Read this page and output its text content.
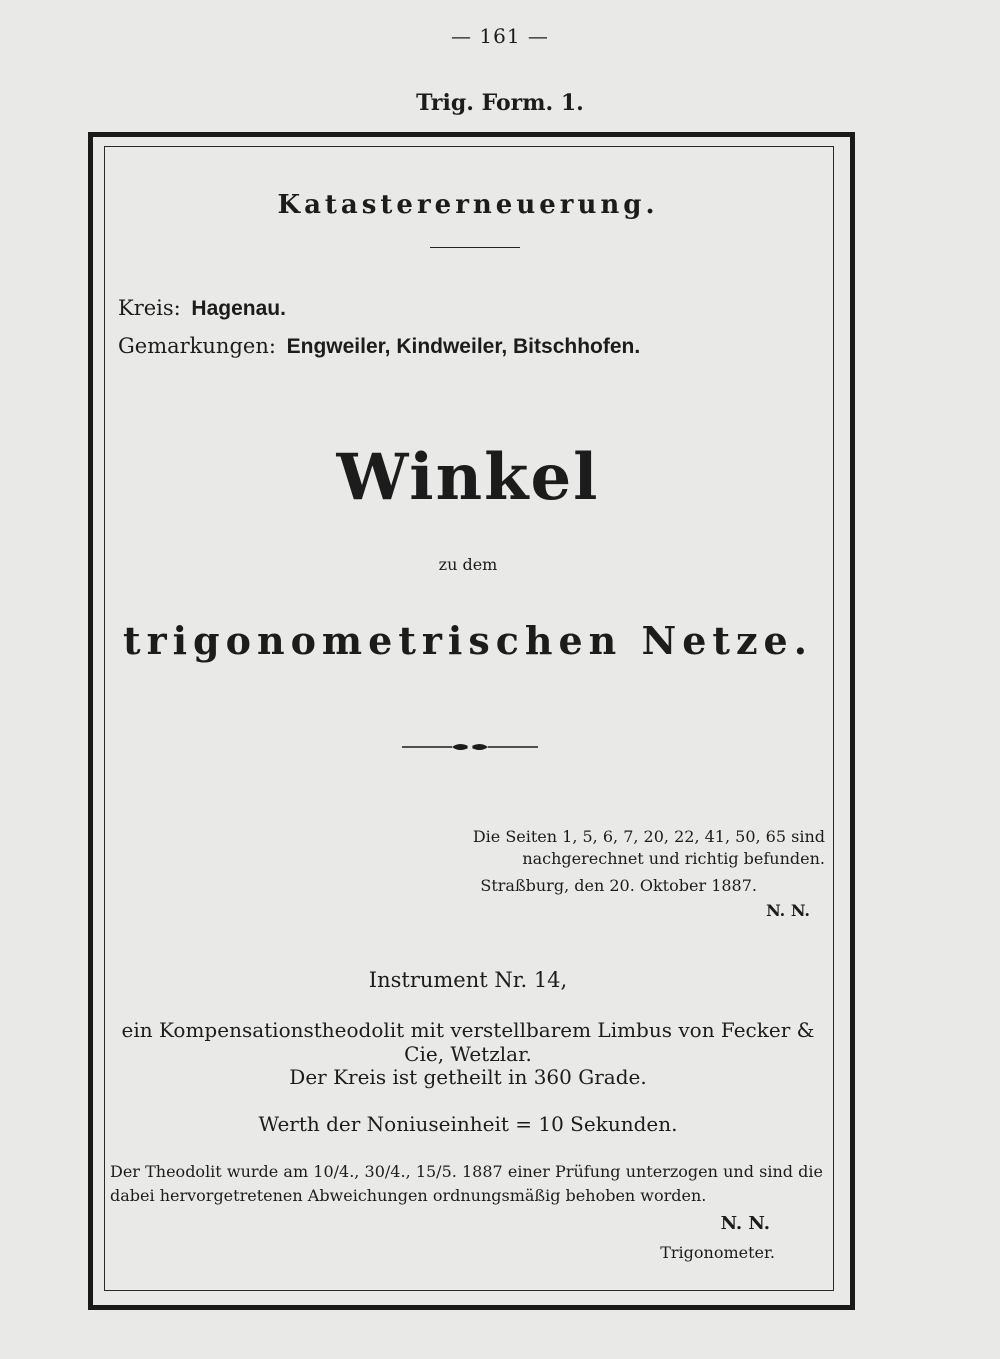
— 161 —
Trig. Form. 1.
Katastererneuerung.
Kreis: Hagenau.
Gemarkungen: Engweiler, Kindweiler, Bitschhofen.
Winkel
zu dem
trigonometrischen Netze.
Die Seiten 1, 5, 6, 7, 20, 22, 41, 50, 65 sind nachgerechnet und richtig befunden.
Straßburg, den 20. Oktober 1887.
N. N.
Instrument Nr. 14,
ein Kompensationstheodolit mit verstellbarem Limbus von Fecker & Cie, Wetzlar.
Der Kreis ist getheilt in 360 Grade.
Werth der Noniuseinheit = 10 Sekunden.
Der Theodolit wurde am 10/4., 30/4., 15/5. 1887 einer Prüfung unterzogen und sind die dabei hervorgetretenen Abweichungen ordnungsmäßig behoben worden.
N. N.
Trigonometer.
